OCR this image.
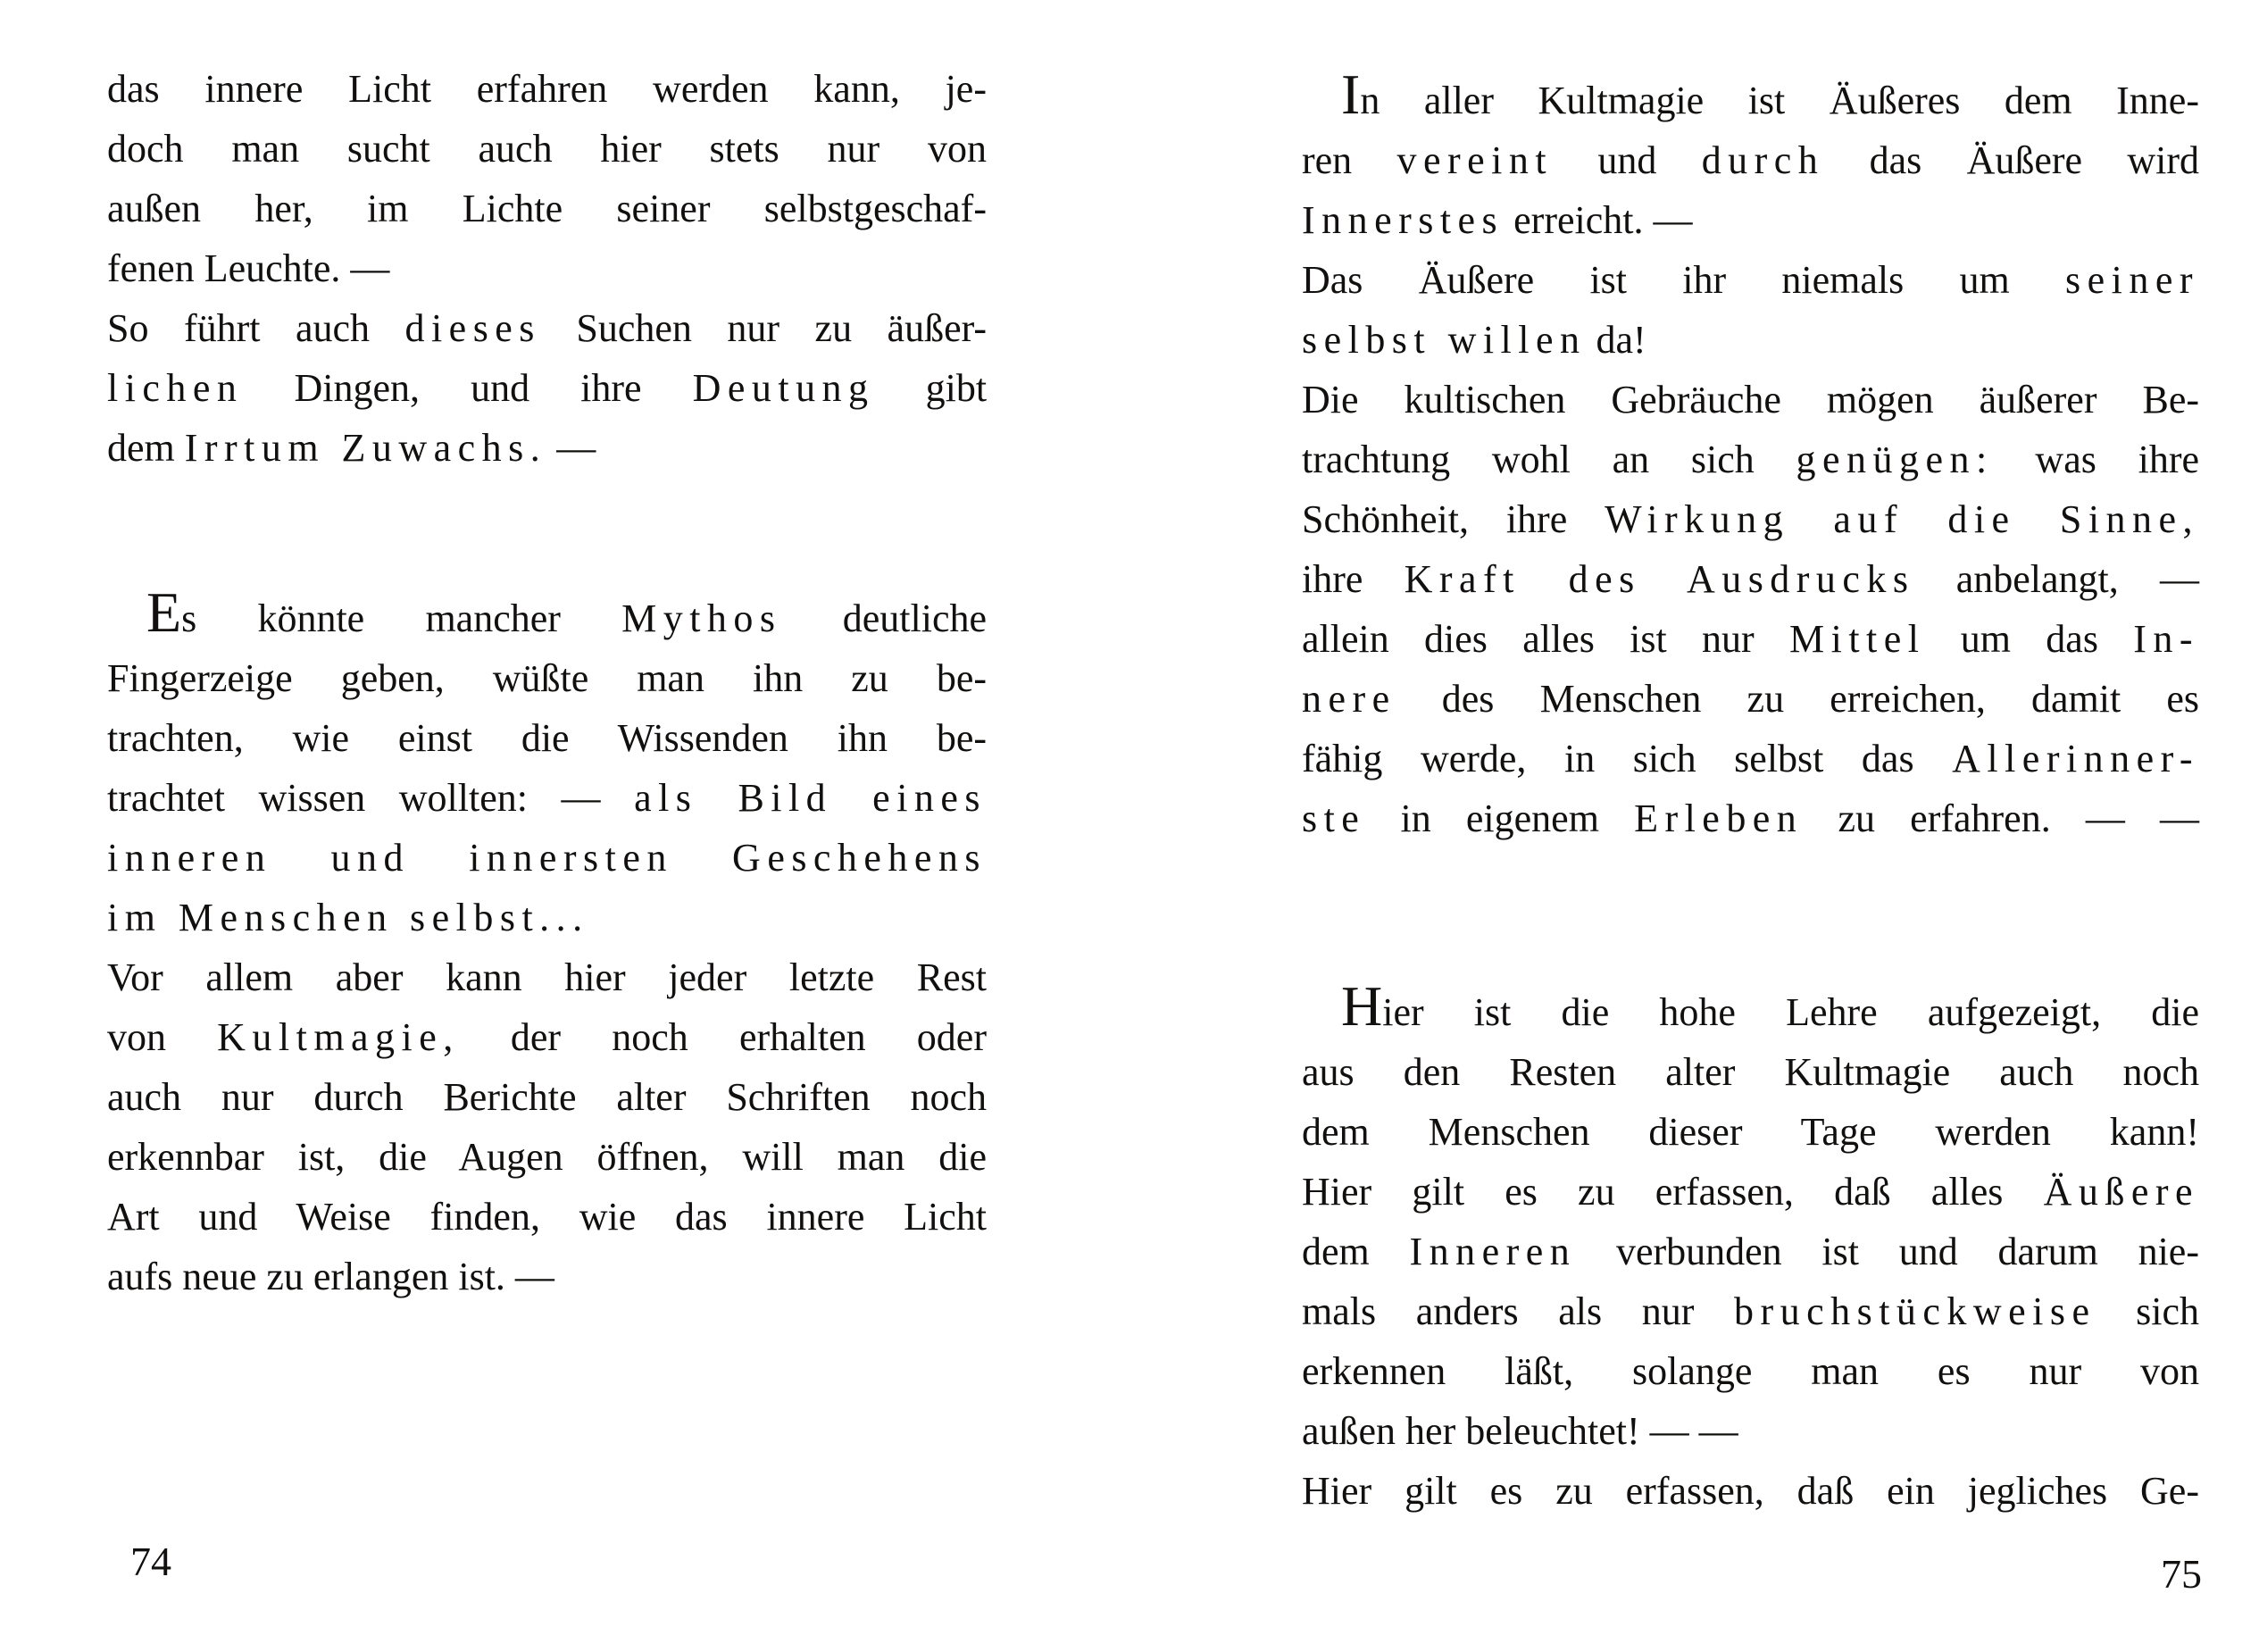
das innere Licht erfahren werden kann, je-
doch man sucht auch hier stets nur von
außen her, im Lichte seiner selbstgeschaf-
fenen Leuchte. —
So führt auch dieses Suchen nur zu äußer-
lichen Dingen, und ihre Deutung gibt
dem Irrtum Zuwachs. —
Es könnte mancher Mythos deutliche
Fingerzeige geben, wüßte man ihn zu be-
trachten, wie einst die Wissenden ihn be-
trachtet wissen wollten: — als Bild eines
inneren und innersten Geschehens
im Menschen selbst...
Vor allem aber kann hier jeder letzte Rest
von Kultmagie, der noch erhalten oder
auch nur durch Berichte alter Schriften noch
erkennbar ist, die Augen öffnen, will man die
Art und Weise finden, wie das innere Licht
aufs neue zu erlangen ist. —
In aller Kultmagie ist Äußeres dem Inne-
ren vereint und durch das Äußere wird
Innerstes erreicht. —
Das Äußere ist ihr niemals um seiner
selbst willen da!
Die kultischen Gebräuche mögen äußerer Be-
trachtung wohl an sich genügen: was ihre
Schönheit, ihre Wirkung auf die Sinne,
ihre Kraft des Ausdrucks anbelangt, —
allein dies alles ist nur Mittel um das In-
nere des Menschen zu erreichen, damit es
fähig werde, in sich selbst das Allerinner-
ste in eigenem Erleben zu erfahren. — —
Hier ist die hohe Lehre aufgezeigt, die
aus den Resten alter Kultmagie auch noch
dem Menschen dieser Tage werden kann!
Hier gilt es zu erfassen, daß alles Äußere
dem Inneren verbunden ist und darum nie-
mals anders als nur bruchstückweise sich
erkennen läßt, solange man es nur von
außen her beleuchtet! — —
Hier gilt es zu erfassen, daß ein jegliches Ge-
74	75
